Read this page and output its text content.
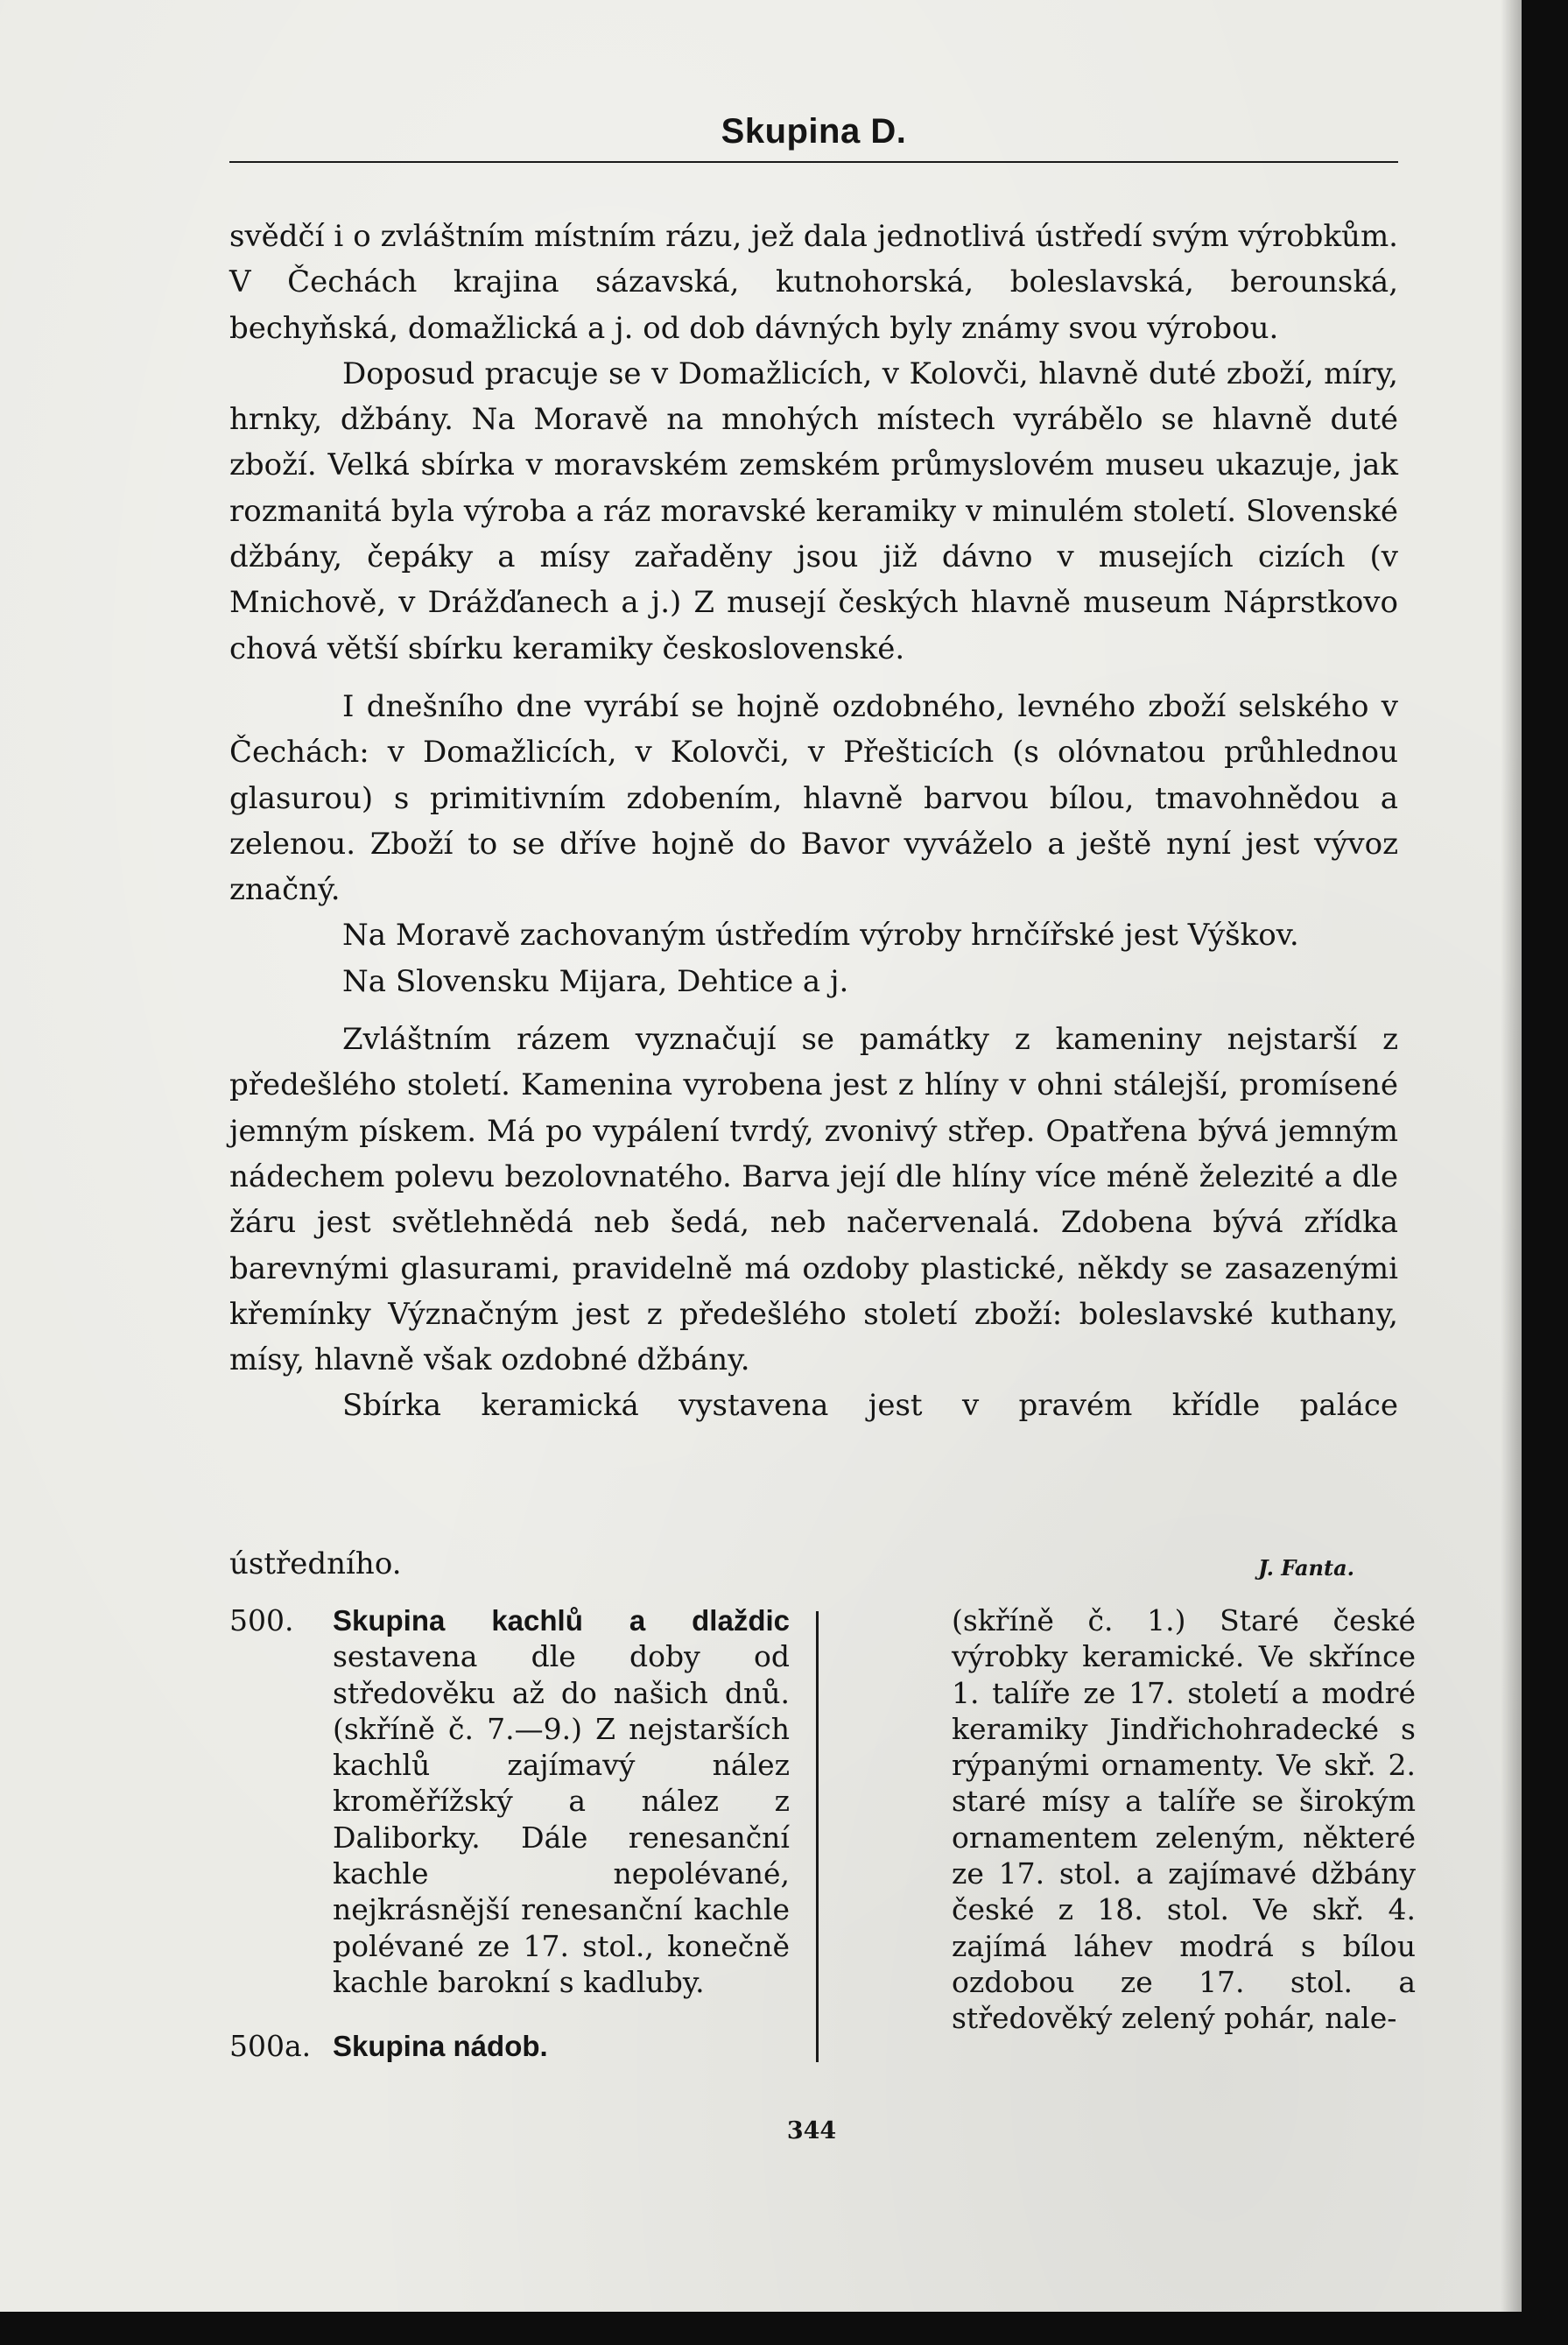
Skupina D.

svědčí i o zvláštním místním rázu, jež dala jednotlivá ústředí svým výrobkům. V Čechách krajina sázavská, kutnohorská, boleslavská, berounská, bechyňská, domažlická a j. od dob dávných byly známy svou výrobou.

Doposud pracuje se v Domažlicích, v Kolovči, hlavně duté zboží, míry, hrnky, džbány. Na Moravě na mnohých místech vyrábělo se hlavně duté zboží. Velká sbírka v moravském zemském průmyslovém museu ukazuje, jak rozmanitá byla výroba a ráz moravské keramiky v minulém století. Slovenské džbány, čepáky a mísy zařaděny jsou již dávno v musejích cizích (v Mnichově, v Drážďanech a j.) Z musejí českých hlavně museum Náprstkovo chová větší sbírku keramiky československé.

I dnešního dne vyrábí se hojně ozdobného, levného zboží selského v Čechách: v Domažlicích, v Kolovči, v Přešticích (s olóvnatou průhlednou glasurou) s primitivním zdobením, hlavně barvou bílou, tmavohnědou a zelenou. Zboží to se dříve hojně do Bavor vyváželo a ještě nyní jest vývoz značný.

Na Moravě zachovaným ústředím výroby hrnčířské jest Výškov.

Na Slovensku Mijara, Dehtice a j.

Zvláštním rázem vyznačují se památky z kameniny nejstarší z předešlého století. Kamenina vyrobena jest z hlíny v ohni stálejší, promísené jemným pískem. Má po vypálení tvrdý, zvonivý střep. Opatřena bývá jemným nádechem polevu bezolovnatého. Barva její dle hlíny více méně železité a dle žáru jest světlehnědá neb šedá, neb načervenalá. Zdobena bývá zřídka barevnými glasurami, pravidelně má ozdoby plastické, někdy se zasazenými křemínky Význačným jest z předešlého století zboží: boleslavské kuthany, mísy, hlavně však ozdobné džbány.

Sbírka keramická vystavena jest v pravém křídle paláce

ústředního.	J. Fanta.
500. Skupina kachlů a dlaždic sestavena dle doby od středověku až do našich dnů. (skříně č. 7.—9.) Z nejstarších kachlů zajímavý nález kroměřížský a nález z Daliborky. Dále renesanční kachle nepolévané, nejkrásnější renesanční kachle polévané ze 17. stol., konečně kachle barokní s kadluby.
500a. Skupina nádob.
(skříně č. 1.) Staré české výrobky keramické. Ve skřínce 1. talíře ze 17. století a modré keramiky Jindřichohradecké s rýpanými ornamenty. Ve skř. 2. staré mísy a talíře se širokým ornamentem zeleným, některé ze 17. stol. a zajímavé džbány české z 18. stol. Ve skř. 4. zajímá láhev modrá s bílou ozdobou ze 17. stol. a středověký zelený pohár, nale-
344
